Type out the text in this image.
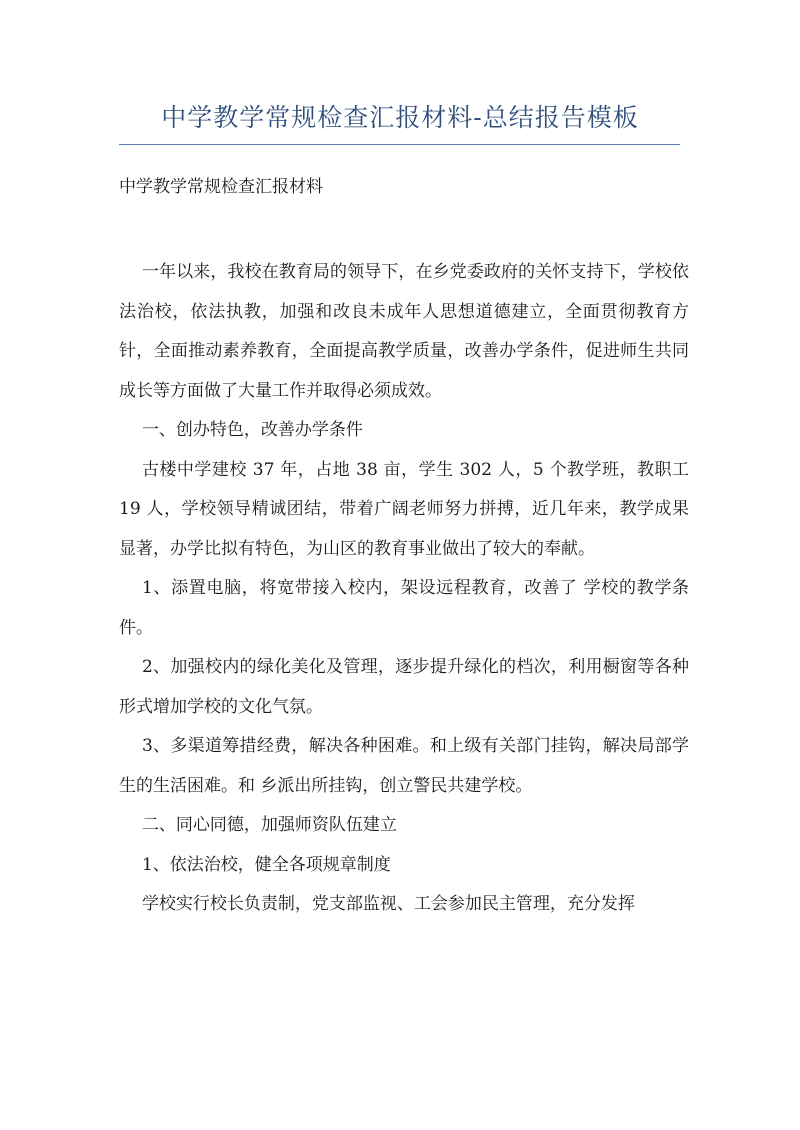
中学教学常规检查汇报材料-总结报告模板
中学教学常规检查汇报材料

一年以来，我校在教育局的领导下，在乡党委政府的关怀支持下，学校依法治校，依法执教，加强和改良未成年人思想道德建立，全面贯彻教育方针，全面推动素养教育，全面提高教学质量，改善办学条件，促进师生共同成长等方面做了大量工作并取得必须成效。

一、创办特色，改善办学条件

古楼中学建校 37 年，占地 38 亩，学生 302 人，5 个教学班，教职工 19 人，学校领导精诚团结，带着广阔老师努力拼搏，近几年来，教学成果显著，办学比拟有特色，为山区的教育事业做出了较大的奉献。

1、添置电脑，将宽带接入校内，架设远程教育，改善了 学校的教学条件。

2、加强校内的绿化美化及管理，逐步提升绿化的档次，利用橱窗等各种形式增加学校的文化气氛。

3、多渠道筹措经费，解决各种困难。和上级有关部门挂钩，解决局部学生的生活困难。和 乡派出所挂钩，创立警民共建学校。

二、同心同德，加强师资队伍建立

1、依法治校，健全各项规章制度

学校实行校长负责制，党支部监视、工会参加民主管理，充分发挥
